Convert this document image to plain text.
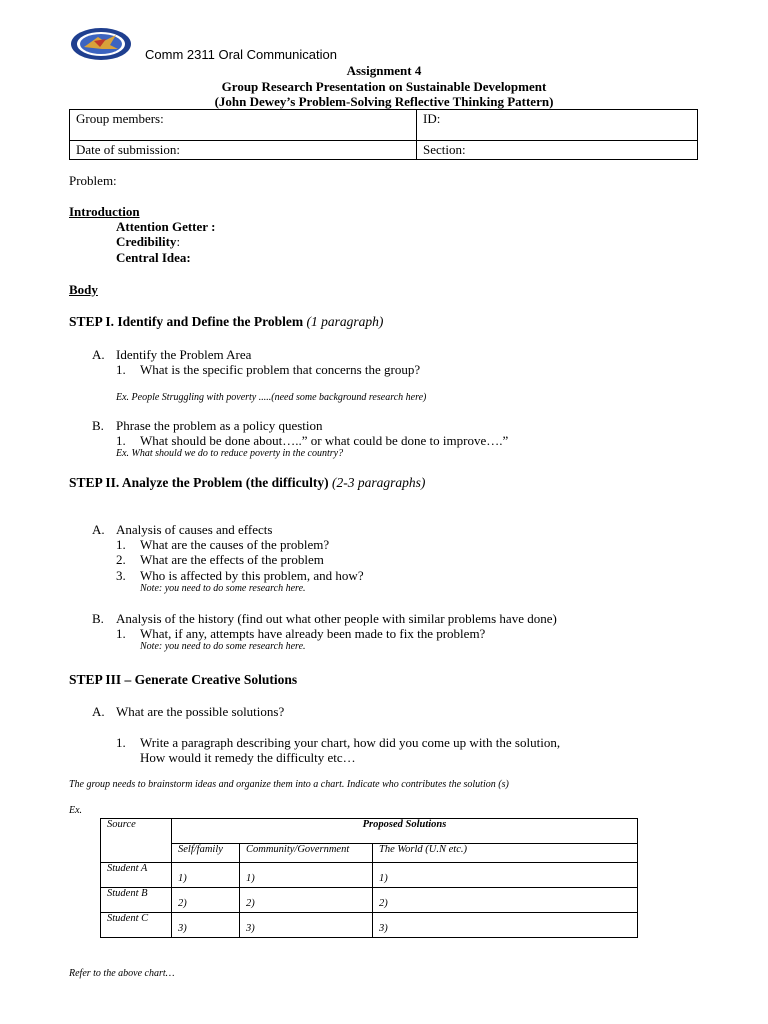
Comm 2311 Oral Communication
Assignment 4
Group Research Presentation on Sustainable Development
(John Dewey’s Problem-Solving Reflective Thinking Pattern)
Group members:	ID:
Date of submission:	Section:
Problem:
Introduction
Attention Getter :
Credibility:
Central Idea:
Body
STEP I. Identify and Define the Problem (1 paragraph)
A. Identify the Problem Area
1. What is the specific problem that concerns the group?
Ex. People Struggling with poverty .....(need some background research here)
B. Phrase the problem as a policy question
1. What should be done about…..” or what could be done to improve….”
Ex. What should we do to reduce poverty in the country?
STEP II. Analyze the Problem (the difficulty) (2-3 paragraphs)
A. Analysis of causes and effects
1. What are the causes of the problem?
2. What are the effects of the problem
3. Who is affected by this problem, and how?
Note: you need to do some research here.
B. Analysis of the history (find out what other people with similar problems have done)
1. What, if any, attempts have already been made to fix the problem?
Note: you need to do some research here.
STEP III – Generate Creative Solutions
A. What are the possible solutions?
1. Write a paragraph describing your chart, how did you come up with the solution,
How would it remedy the difficulty etc…
The group needs to brainstorm ideas and organize them into a chart. Indicate who contributes the solution (s)
Ex.
Source	Proposed Solutions		
	Self/family	Community/Government	The World (U.N etc.)
Student A	1)	1)	1)

Student B	2)	2)	2)

Student C	3)	3)	3)
Refer to the above chart…
